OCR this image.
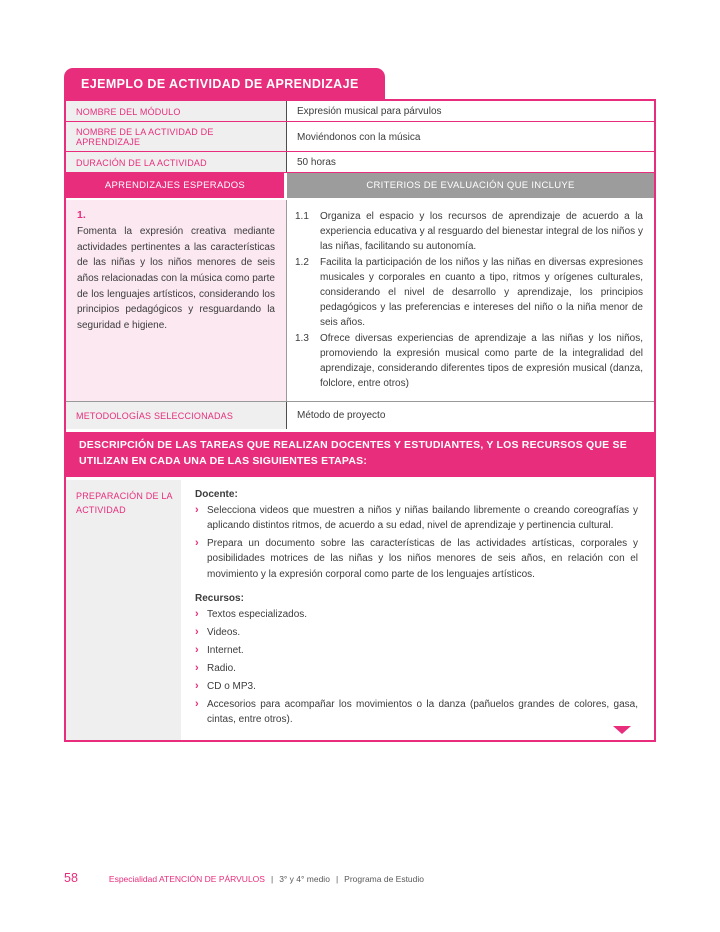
EJEMPLO DE ACTIVIDAD DE APRENDIZAJE
NOMBRE DEL MÓDULO	Expresión musical para párvulos
NOMBRE DE LA ACTIVIDAD DE APRENDIZAJE	Moviéndonos con la música
DURACIÓN DE LA ACTIVIDAD	50 horas
APRENDIZAJES ESPERADOS	CRITERIOS DE EVALUACIÓN QUE INCLUYE
1.
Fomenta la expresión creativa mediante actividades pertinentes a las características de las niñas y los niños menores de seis años relacionadas con la música como parte de los lenguajes artísticos, considerando los principios pedagógicos y resguardando la seguridad e higiene.
1.1	Organiza el espacio y los recursos de aprendizaje de acuerdo a la experiencia educativa y al resguardo del bienestar integral de los niños y las niñas, facilitando su autonomía.
1.2	Facilita la participación de los niños y las niñas en diversas expresiones musicales y corporales en cuanto a tipo, ritmos y orígenes culturales, considerando el nivel de desarrollo y aprendizaje, los principios pedagógicos y las preferencias e intereses del niño o la niña menor de seis años.
1.3	Ofrece diversas experiencias de aprendizaje a las niñas y los niños, promoviendo la expresión musical como parte de la integralidad del aprendizaje, considerando diferentes tipos de expresión musical (danza, folclore, entre otros)
METODOLOGÍAS SELECCIONADAS	Método de proyecto
DESCRIPCIÓN DE LAS TAREAS QUE REALIZAN DOCENTES Y ESTUDIANTES, Y LOS RECURSOS QUE SE UTILIZAN EN CADA UNA DE LAS SIGUIENTES ETAPAS:
PREPARACIÓN DE LA ACTIVIDAD
Docente:
› Selecciona videos que muestren a niños y niñas bailando libremente o creando coreografías y aplicando distintos ritmos, de acuerdo a su edad, nivel de aprendizaje y pertinencia cultural.
› Prepara un documento sobre las características de las actividades artísticas, corporales y posibilidades motrices de las niñas y los niños menores de seis años, en relación con el movimiento y la expresión corporal como parte de los lenguajes artísticos.
Recursos:
› Textos especializados.
› Videos.
› Internet.
› Radio.
› CD o MP3.
› Accesorios para acompañar los movimientos o la danza (pañuelos grandes de colores, gasa, cintas, entre otros).
58	Especialidad ATENCIÓN DE PÁRVULOS | 3° y 4° medio | Programa de Estudio
